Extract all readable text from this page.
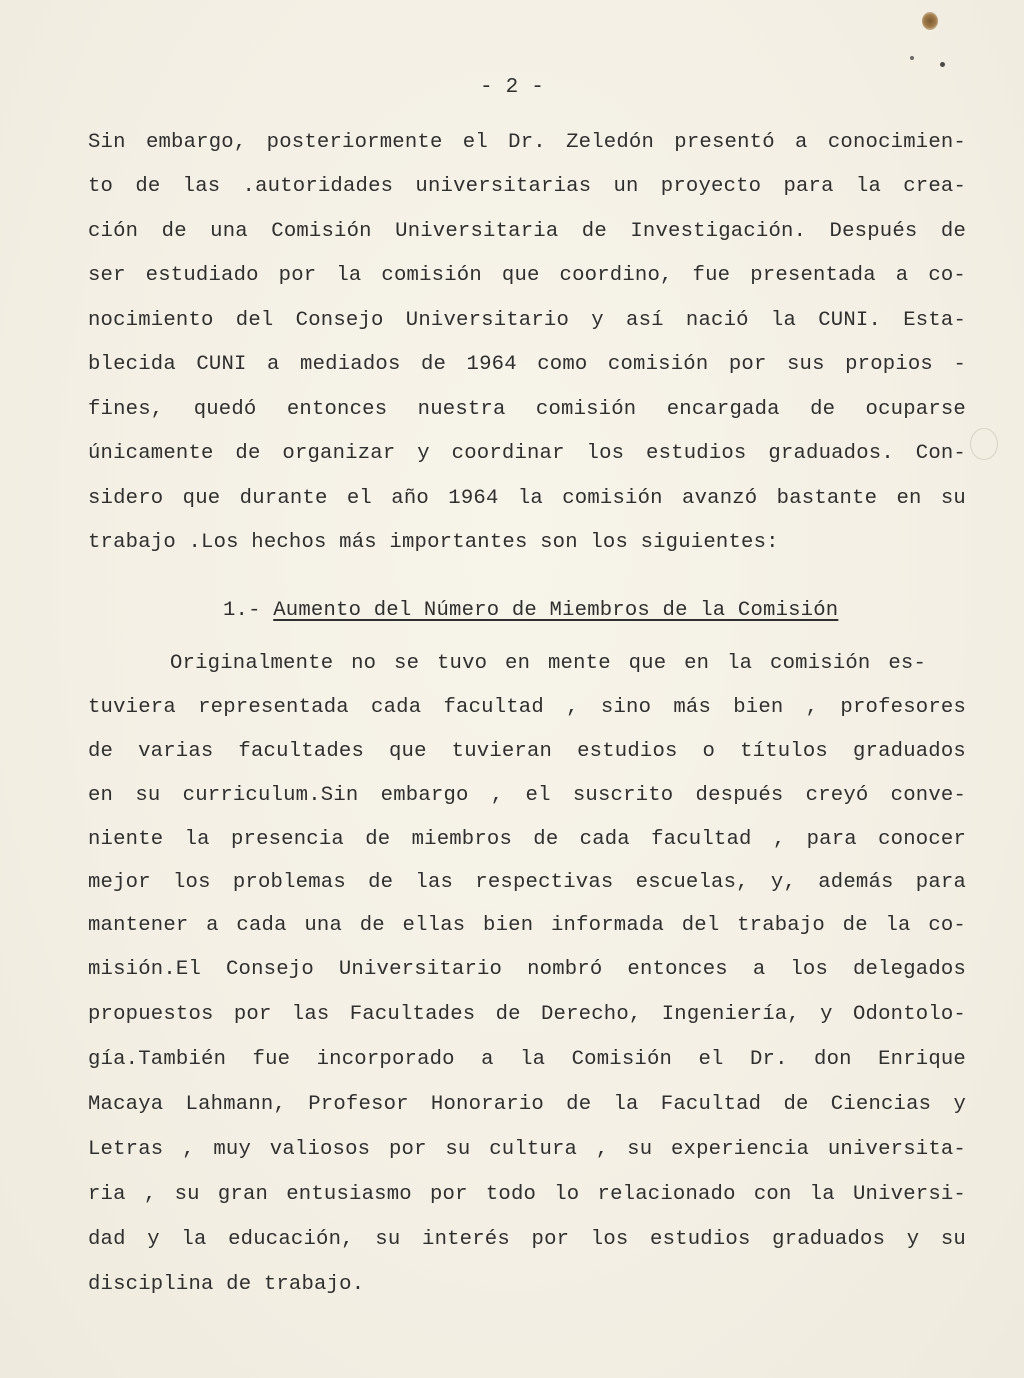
- 2 -
Sin embargo, posteriormente el Dr. Zeledón presentó a conocimien-
to de las .autoridades universitarias un proyecto para la crea-
ción de una Comisión Universitaria de Investigación. Después de
ser estudiado por la comisión que coordino, fue presentada a co-
nocimiento del Consejo Universitario y así nació la CUNI. Esta-
blecida CUNI a mediados de 1964 como comisión por sus propios -
fines, quedó entonces nuestra comisión encargada de ocuparse
únicamente de organizar y coordinar los estudios graduados. Con-
sidero que durante el año 1964 la comisión avanzó bastante en su
trabajo .Los hechos más importantes son los siguientes:
1.- Aumento del Número de Miembros de la Comisión
Originalmente no se tuvo en mente que en la comisión es-
tuviera representada cada facultad , sino más bien , profesores
de varias facultades que tuvieran estudios o títulos graduados
en su curriculum.Sin embargo , el suscrito después creyó conve-
niente la presencia de miembros de cada facultad , para conocer
mejor los problemas de las respectivas escuelas, y, además para
mantener a cada una de ellas bien informada del trabajo de la co-
misión.El Consejo Universitario nombró entonces a los delegados
propuestos por las Facultades de Derecho, Ingeniería, y Odontolo-
gía.También fue incorporado a la Comisión el Dr. don Enrique
Macaya Lahmann, Profesor Honorario de la Facultad de Ciencias y
Letras , muy valiosos por su cultura , su experiencia universita-
ria , su gran entusiasmo por todo lo relacionado con la Universi-
dad y la educación, su interés por los estudios graduados y su
disciplina de trabajo.
